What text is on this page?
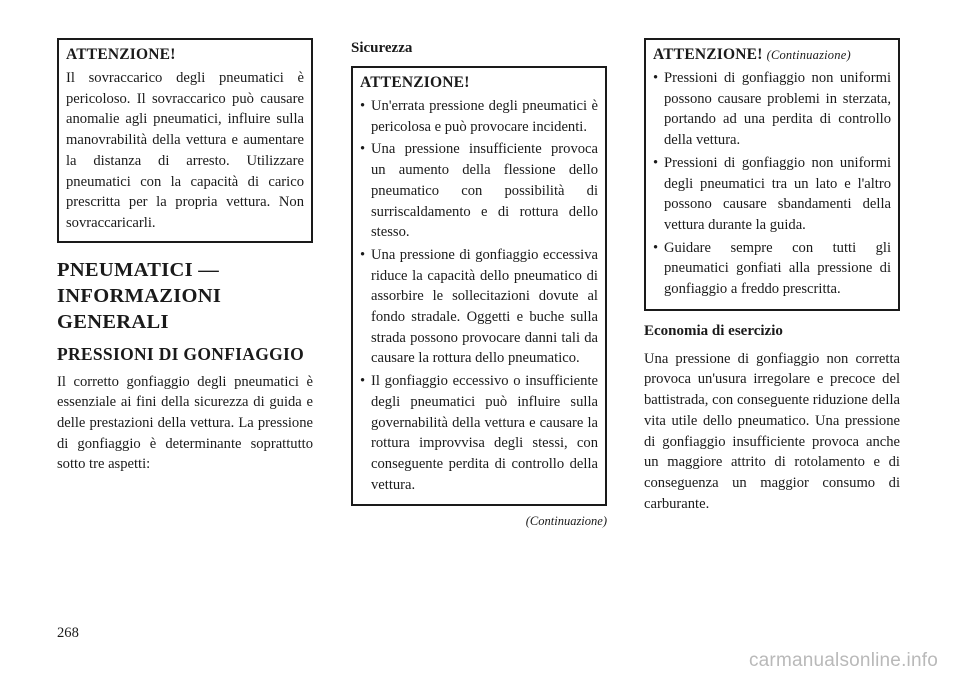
ATTENZIONE!

Il sovraccarico degli pneumatici è pericoloso. Il sovraccarico può causare anomalie agli pneumatici, influire sulla manovrabilità della vettura e aumentare la distanza di arresto. Utilizzare pneumatici con la capacità di carico prescritta per la propria vettura. Non sovraccaricarli.

PNEUMATICI — INFORMAZIONI GENERALI
PRESSIONI DI GONFIAGGIO

Il corretto gonfiaggio degli pneumatici è essenziale ai fini della sicurezza di guida e delle prestazioni della vettura. La pressione di gonfiaggio è determinante soprattutto sotto tre aspetti:

Sicurezza
ATTENZIONE!
• Un'errata pressione degli pneumatici è pericolosa e può provocare incidenti.
• Una pressione insufficiente provoca un aumento della flessione dello pneumatico con possibilità di surriscaldamento e di rottura dello stesso.
• Una pressione di gonfiaggio eccessiva riduce la capacità dello pneumatico di assorbire le sollecitazioni dovute al fondo stradale. Oggetti e buche sulla strada possono provocare danni tali da causare la rottura dello pneumatico.
• Il gonfiaggio eccessivo o insufficiente degli pneumatici può influire sulla governabilità della vettura e causare la rottura improvvisa degli stessi, con conseguente perdita di controllo della vettura.
(Continuazione)
ATTENZIONE! (Continuazione)
• Pressioni di gonfiaggio non uniformi possono causare problemi in sterzata, portando ad una perdita di controllo della vettura.
• Pressioni di gonfiaggio non uniformi degli pneumatici tra un lato e l'altro possono causare sbandamenti della vettura durante la guida.
• Guidare sempre con tutti gli pneumatici gonfiati alla pressione di gonfiaggio a freddo prescritta.
Economia di esercizio

Una pressione di gonfiaggio non corretta provoca un'usura irregolare e precoce del battistrada, con conseguente riduzione della vita utile dello pneumatico. Una pressione di gonfiaggio insufficiente provoca anche un maggiore attrito di rotolamento e di conseguenza un maggior consumo di carburante.

268
carmanualsonline.info
